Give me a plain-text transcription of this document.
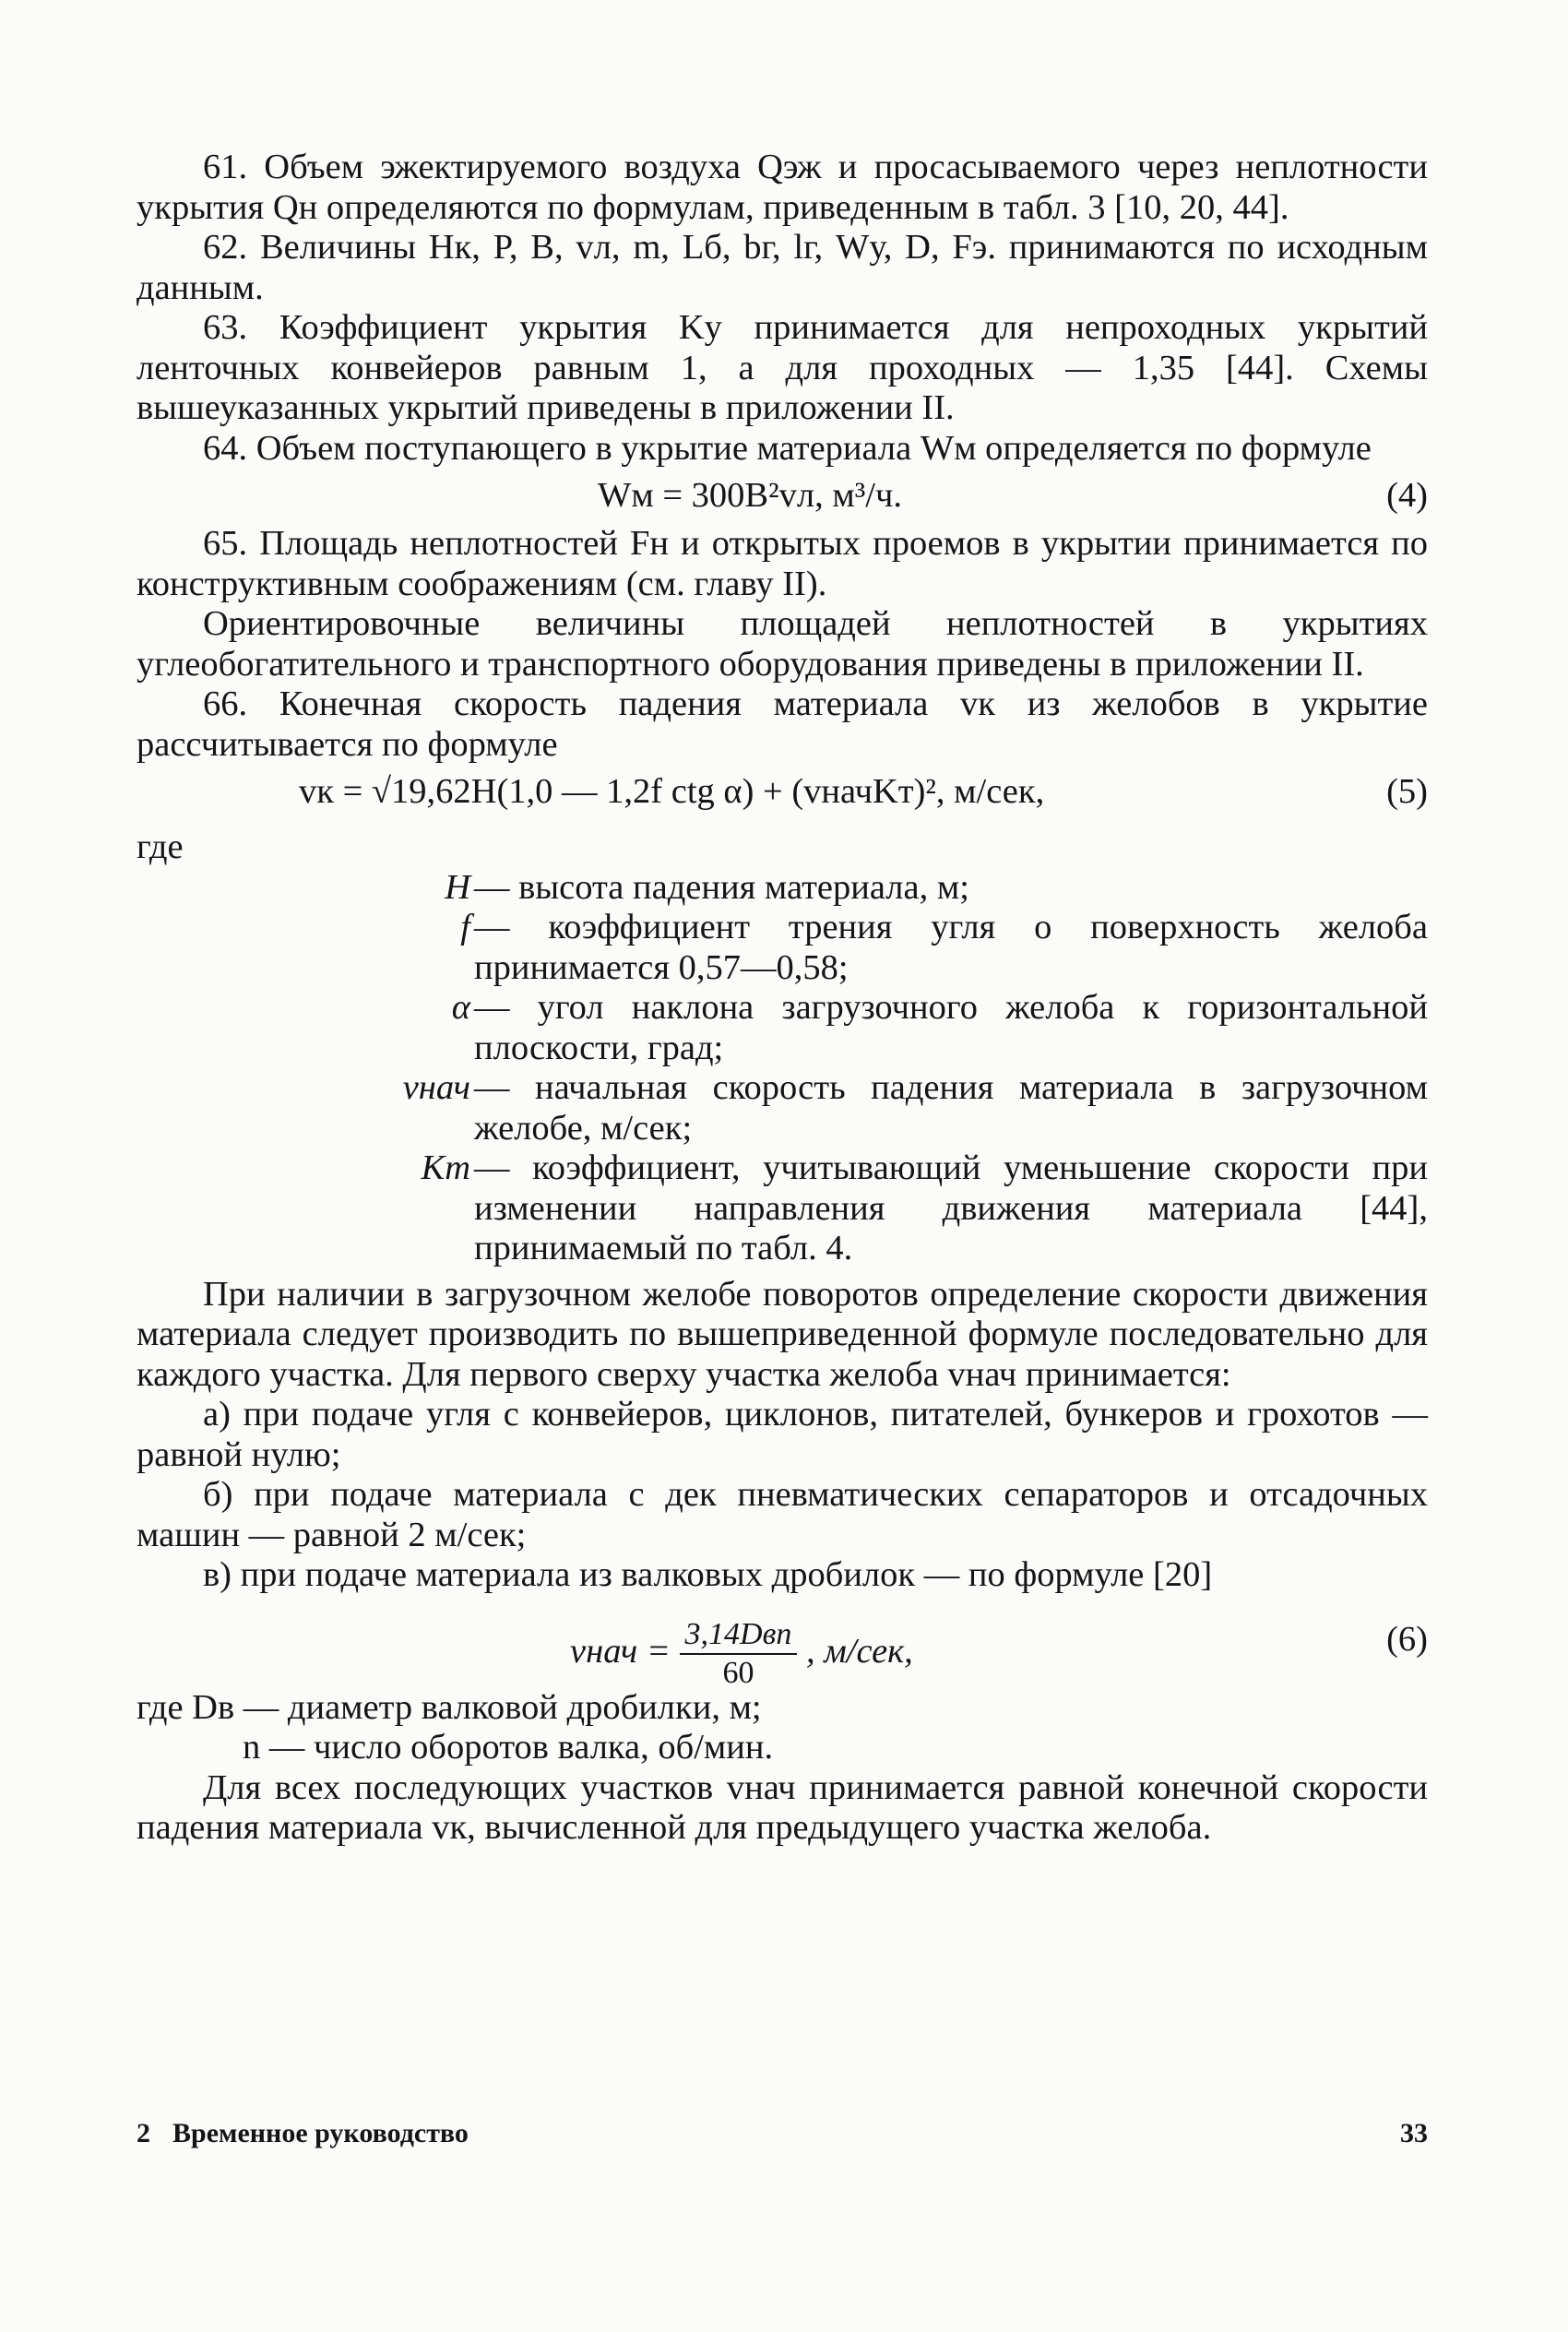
61. Объем эжектируемого воздуха Qэж и просасываемого через неплотности укрытия Qн определяются по формулам, приведенным в табл. 3 [10, 20, 44].

62. Величины Hк, P, B, vл, m, Lб, bг, lг, Wу, D, Fэ. принимаются по исходным данным.

63. Коэффициент укрытия Kу принимается для непроходных укрытий ленточных конвейеров равным 1, а для проходных — 1,35 [44]. Схемы вышеуказанных укрытий приведены в приложении II.

64. Объем поступающего в укрытие материала Wм определяется по формуле

Wм = 300B²vл, м³/ч.	(4)

65. Площадь неплотностей Fн и открытых проемов в укрытии принимается по конструктивным соображениям (см. главу II).

Ориентировочные величины площадей неплотностей в укрытиях углеобогатительного и транспортного оборудования приведены в приложении II.

66. Конечная скорость падения материала vк из желобов в укрытие рассчитывается по формуле

vк = √19,62H(1,0 — 1,2f ctg α) + (vначKт)², м/сек,	(5)
где
H — высота падения материала, м;
f — коэффициент трения угля о поверхность желоба принимается 0,57—0,58;
α — угол наклона загрузочного желоба к горизонтальной плоскости, град;
vнач — начальная скорость падения материала в загрузочном желобе, м/сек;
Kт — коэффициент, учитывающий уменьшение скорости при изменении направления движения материала [44], принимаемый по табл. 4.

При наличии в загрузочном желобе поворотов определение скорости движения материала следует производить по вышеприведенной формуле последовательно для каждого участка. Для первого сверху участка желоба vнач принимается:

а) при подаче угля с конвейеров, циклонов, питателей, бункеров и грохотов — равной нулю;

б) при подаче материала с дек пневматических сепараторов и отсадочных машин — равной 2 м/сек;

в) при подаче материала из валковых дробилок — по формуле [20]

vнач = $\frac{\text{3,14Dвn}}{60}$ , м/сек,	(6)
где Dв — диаметр валковой дробилки, м;
n — число оборотов валка, об/мин.

Для всех последующих участков vнач принимается равной конечной скорости падения материала vк, вычисленной для предыдущего участка желоба.

2 Временное руководство	33
